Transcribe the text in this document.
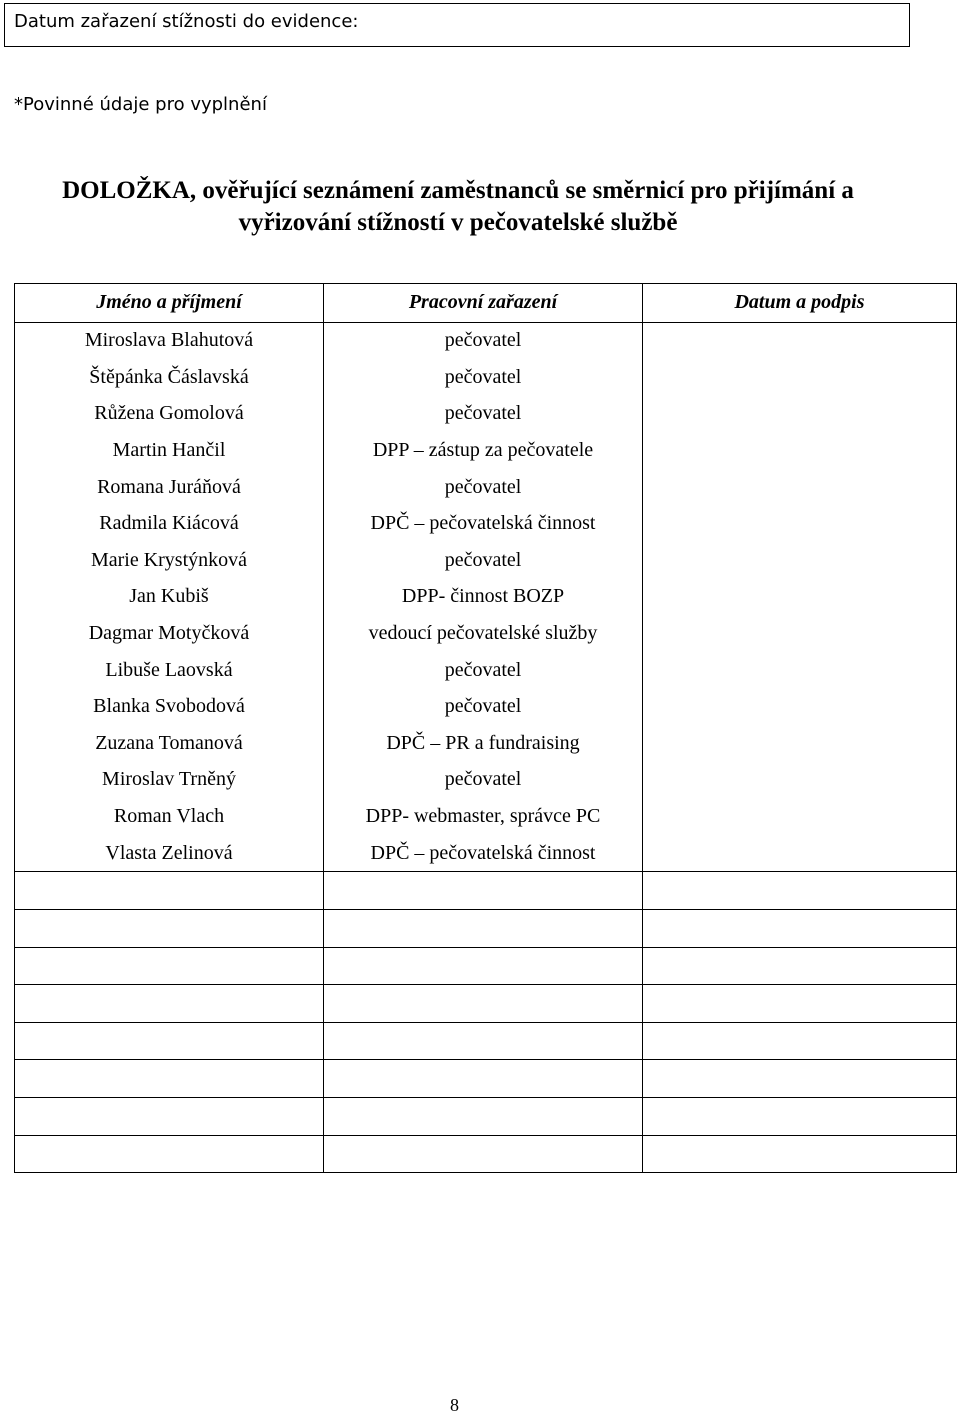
Datum zařazení stížnosti do evidence:
*Povinné údaje pro vyplnění
DOLOŽKA, ověřující seznámení zaměstnanců se směrnicí pro přijímání a
vyřizování stížností v pečovatelské službě
Jméno a příjmení	Pracovní zařazení	Datum a podpis
Miroslava Blahutová	pečovatel	
Štěpánka Čáslavská	pečovatel	
Růžena Gomolová	pečovatel	
Martin Hančil	DPP – zástup za pečovatele	
Romana Juráňová	pečovatel	
Radmila Kiácová	DPČ – pečovatelská činnost	
Marie Krystýnková	pečovatel	
Jan Kubiš	DPP- činnost BOZP	
Dagmar Motyčková	vedoucí pečovatelské služby	
Libuše Laovská	pečovatel	
Blanka Svobodová	pečovatel	
Zuzana Tomanová	DPČ – PR a fundraising	
Miroslav Trněný	pečovatel	
Roman Vlach	DPP- webmaster, správce PC	
Vlasta Zelinová	DPČ – pečovatelská činnost	

8
